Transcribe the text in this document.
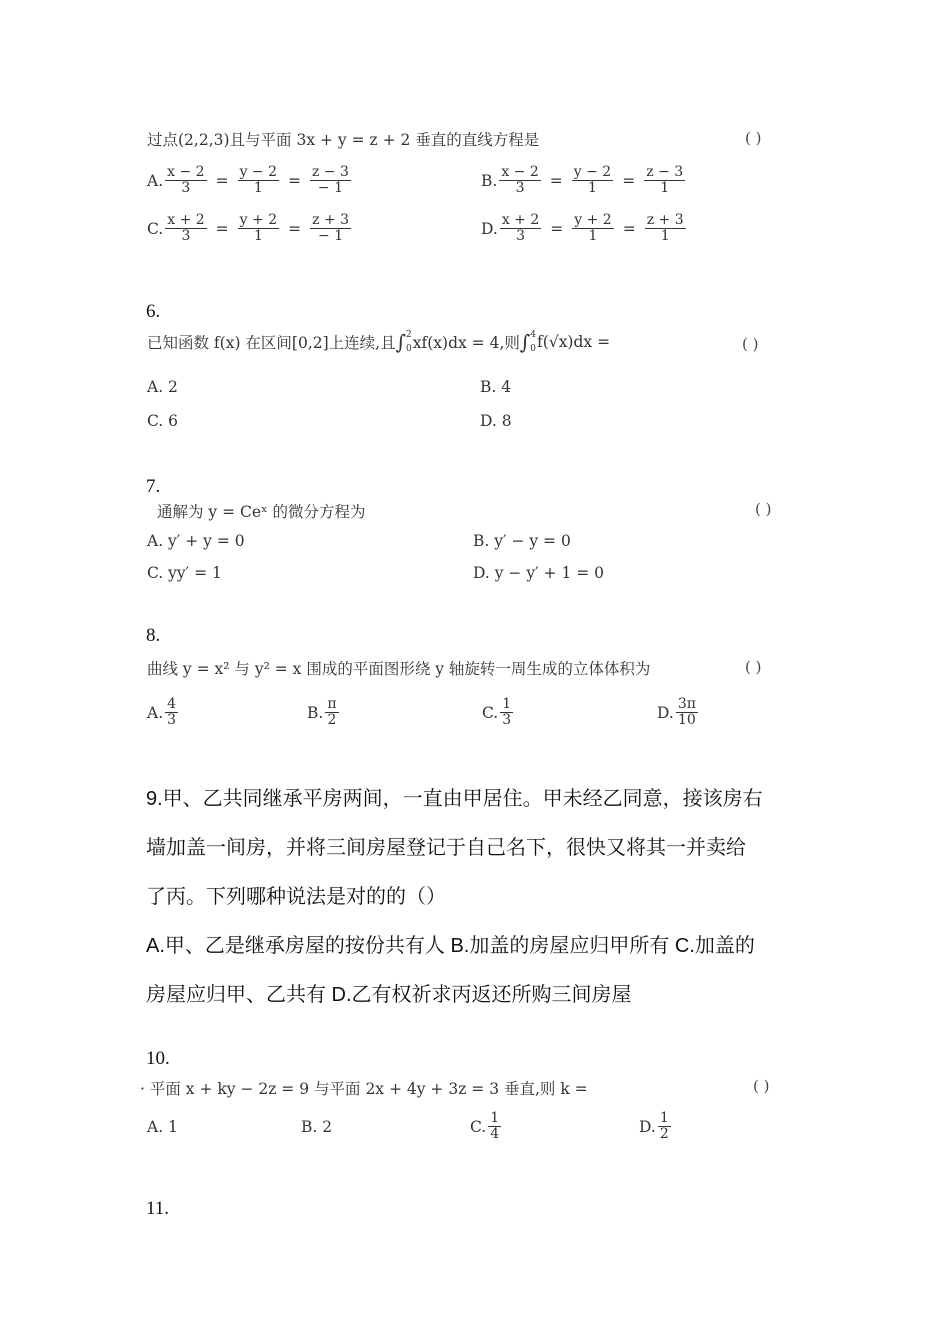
过点(2,2,3)且与平面 3x + y = z + 2 垂直的直线方程是	( )
A. $\frac{x - 2}{3} = \frac{y - 2}{1} = \frac{z - 3}{- 1}$	B. $\frac{x - 2}{3} = \frac{y - 2}{1} = \frac{z - 3}{1}$
C. $\frac{x + 2}{3} = \frac{y + 2}{1} = \frac{z + 3}{- 1}$	D. $\frac{x + 2}{3} = \frac{y + 2}{1} = \frac{z + 3}{1}$
6.
已知函数 f(x) 在区间[0,2]上连续,且 ∫ 2
0 xf(x)dx = 4,则 ∫ 4
0 f(√x)dx =	( )
A. 2	B. 4
C. 6	D. 8
7.
通解为 y = Ceˣ 的微分方程为	( )
A. y′ + y = 0	B. y′ − y = 0
C. yy′ = 1	D. y − y′ + 1 = 0
8.
曲线 y = x² 与 y² = x 围成的平面图形绕 y 轴旋转一周生成的立体体积为	( )
A. $\frac{4}{3}$	B. $\frac{\pi}{2}$	C. $\frac{1}{3}$	D. $\frac{3\pi}{10}$
9.甲、乙共同继承平房两间，一直由甲居住。甲未经乙同意，接该房右
墙加盖一间房，并将三间房屋登记于自己名下，很快又将其一并卖给
了丙。下列哪种说法是对的的（）
A.甲、乙是继承房屋的按份共有人 B.加盖的房屋应归甲所有 C.加盖的
房屋应归甲、乙共有 D.乙有权祈求丙返还所购三间房屋
10.
· 平面 x + ky − 2z = 9 与平面 2x + 4y + 3z = 3 垂直,则 k =	( )
A. 1	B. 2	C. $\frac{1}{4}$	D. $\frac{1}{2}$
11.
